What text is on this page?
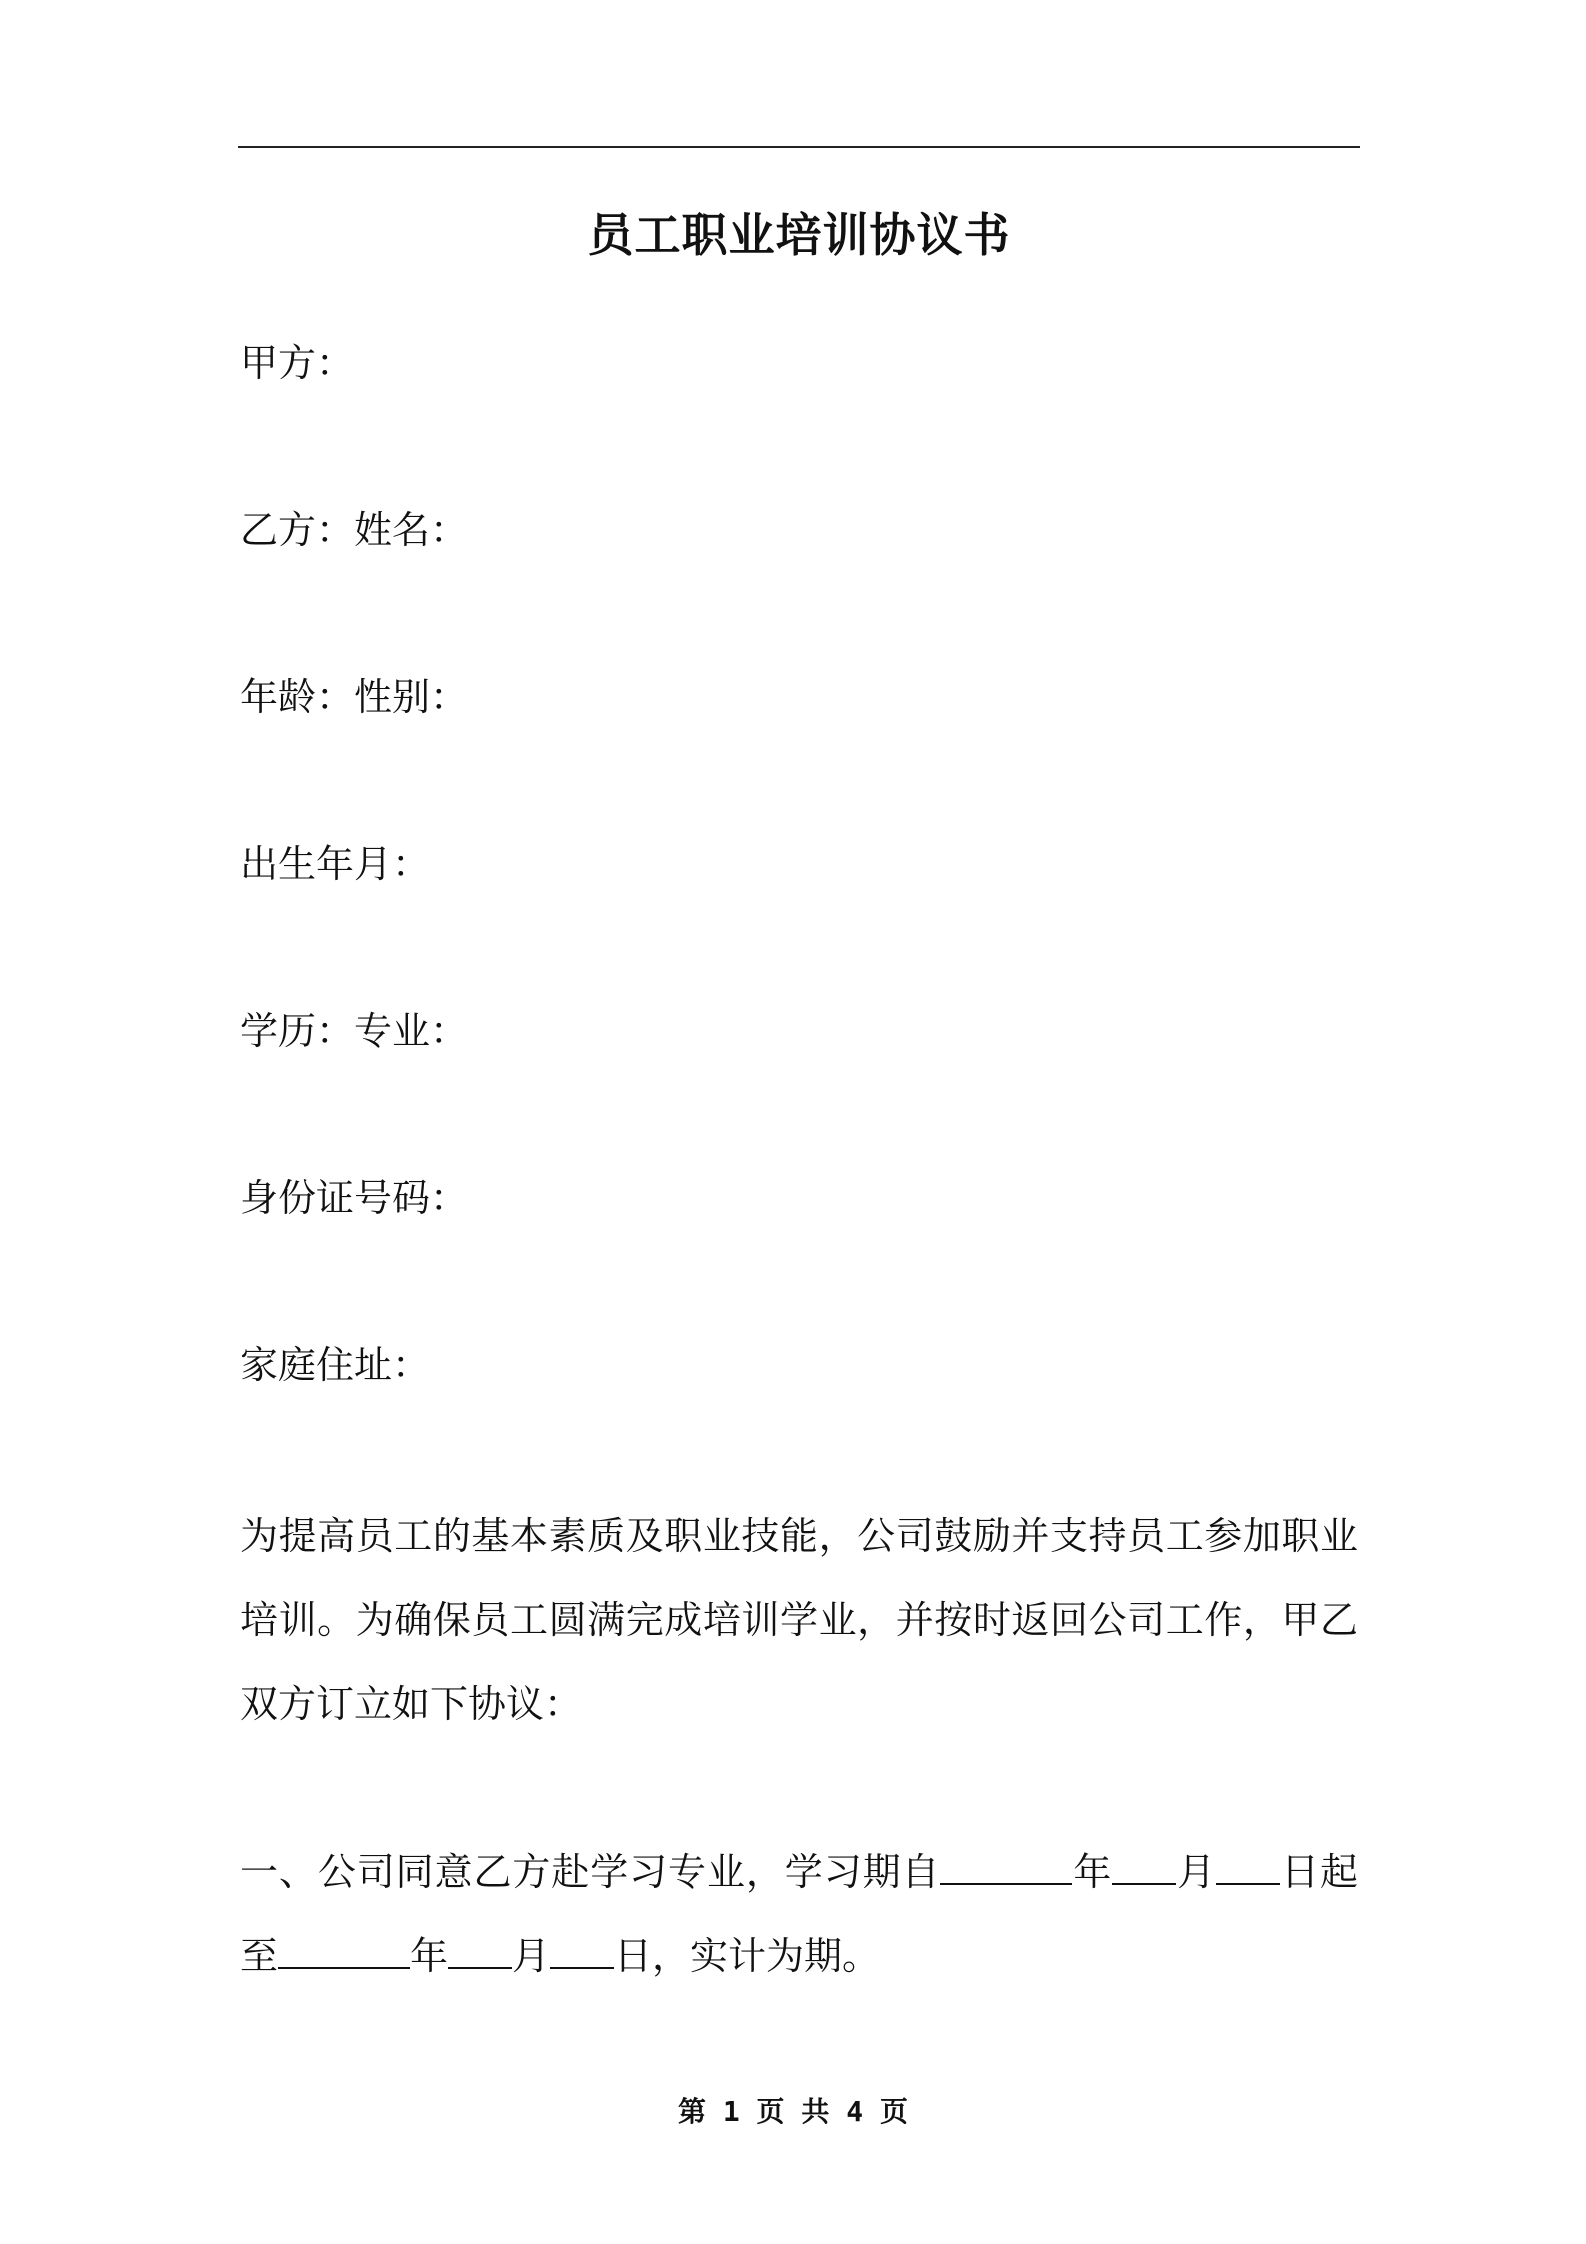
员工职业培训协议书
甲方：
乙方：姓名：
年龄：性别：
出生年月：
学历：专业：
身份证号码：
家庭住址：
为提高员工的基本素质及职业技能，公司鼓励并支持员工参加职业培训。为确保员工圆满完成培训学业，并按时返回公司工作，甲乙双方订立如下协议：
一、公司同意乙方赴学习专业，学习期自	年 月 日起至	年 月 日，实计为期。
第 1 页 共 4 页
